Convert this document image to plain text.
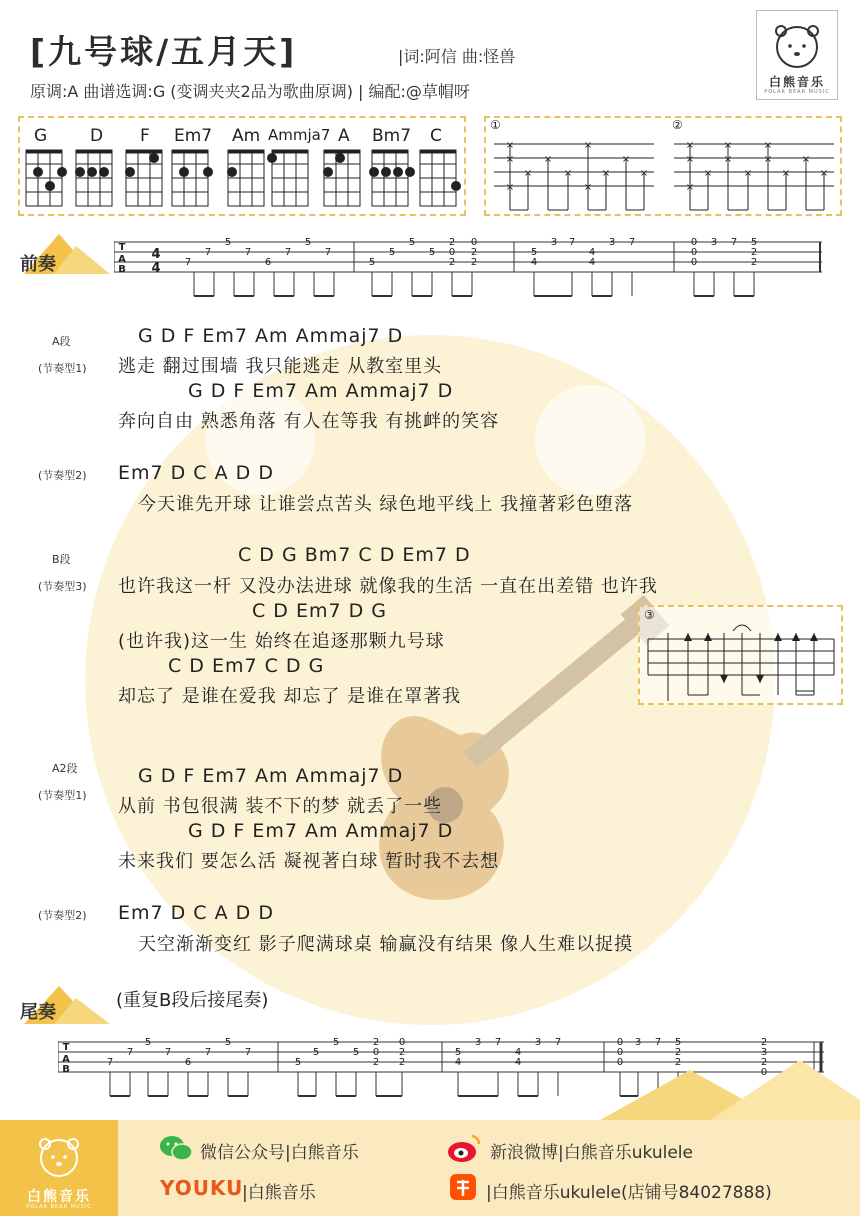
[九号球/五月天]	|词:阿信 曲:怪兽
原调:A 曲谱选调:G (变调夹夹2品为歌曲原调) | 编配:@草帽呀	白熊音乐
POLAR BEAR MUSIC
G	D F Em7 Am Ammja7 A Bm7 C
①	②
×
×
×
×
×
×
×
×
×
×
×
×
×
×
×
×
×
×
×
×
×
×
×
前奏
T
A
B
4
4 7
7
5
7
6
7
5
7
5
5
5
5
2
0
2
0
2
2
5
4
3 7
4
4
3 7	0
0
0
3 7 5
2
2
A段
(节奏型1)
(节奏型2)
B段
(节奏型3)
A2段
(节奏型1)
(节奏型2)
G D F Em7 Am Ammaj7 D
逃走 翻过围墙 我只能逃走 从教室里头
G D F Em7 Am Ammaj7 D
奔向自由 熟悉角落 有人在等我 有挑衅的笑容
Em7 D C A D D
今天谁先开球 让谁尝点苦头 绿色地平线上 我撞著彩色堕落
C D G Bm7 C D Em7 D
也许我这一杆 又没办法进球 就像我的生活 一直在出差错 也许我
C D Em7 D G
(也许我)这一生 始终在追逐那颗九号球
C D Em7 C D G
却忘了 是谁在爱我 却忘了 是谁在罩著我
G D F Em7 Am Ammaj7 D
从前 书包很满 装不下的梦 就丢了一些
G D F Em7 Am Ammaj7 D
未来我们 要怎么活 凝视著白球 暂时我不去想
Em7 D C A D D
天空渐渐变红 影子爬满球桌 输赢没有结果 像人生难以捉摸
③
(重复B段后接尾奏)
尾奏
T
A
B
7
7
5
7
6
7
5
7
5
5
5
5
2
0
2
0
2
2
5
4
3 7
4
4
3 7	0
0
0
3 7 5
2
2
2
3
2
0
白熊音乐
POLAR BEAR MUSIC
微信公众号|白熊音乐	新浪微博|白熊音乐ukulele
YOUKU
|白熊音乐	|白熊音乐ukulele(店铺号84027888)
